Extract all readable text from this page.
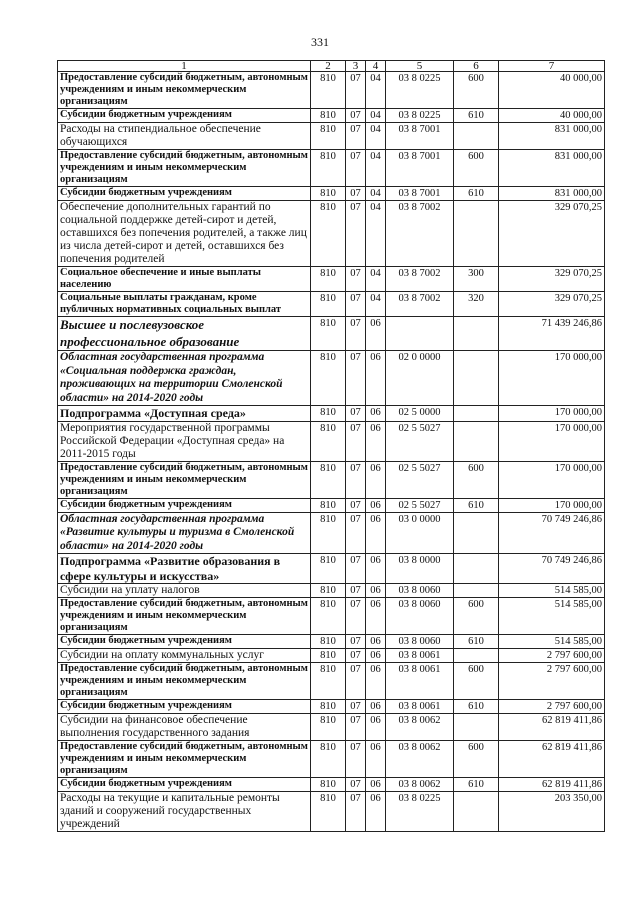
331
1	2	3	4	5	6	7
Предоставление субсидий бюджетным, автономным учреждениям и иным некоммерческим организациям	810	07	04	03 8 0225	600	40 000,00
Субсидии бюджетным учреждениям	810	07	04	03 8 0225	610	40 000,00
Расходы на стипендиальное обеспечение обучающихся	810	07	04	03 8 7001		831 000,00
Предоставление субсидий бюджетным, автономным учреждениям и иным некоммерческим организациям	810	07	04	03 8 7001	600	831 000,00
Субсидии бюджетным учреждениям	810	07	04	03 8 7001	610	831 000,00
Обеспечение дополнительных гарантий по социальной поддержке детей-сирот и детей, оставшихся без попечения родителей, а также лиц из числа детей-сирот и детей, оставшихся без попечения родителей	810	07	04	03 8 7002		329 070,25
Социальное обеспечение и иные выплаты населению	810	07	04	03 8 7002	300	329 070,25
Социальные выплаты гражданам, кроме публичных нормативных социальных выплат	810	07	04	03 8 7002	320	329 070,25
Высшее и послевузовское профессиональное образование	810	07	06			71 439 246,86
Областная государственная программа «Социальная поддержка граждан, проживающих на территории Смоленской области» на 2014-2020 годы	810	07	06	02 0 0000		170 000,00
Подпрограмма «Доступная среда»	810	07	06	02 5 0000		170 000,00
Мероприятия государственной программы Российской Федерации «Доступная среда» на 2011-2015 годы	810	07	06	02 5 5027		170 000,00
Предоставление субсидий бюджетным, автономным учреждениям и иным некоммерческим организациям	810	07	06	02 5 5027	600	170 000,00
Субсидии бюджетным учреждениям	810	07	06	02 5 5027	610	170 000,00
Областная государственная программа «Развитие культуры и туризма в Смоленской области» на 2014-2020 годы	810	07	06	03 0 0000		70 749 246,86
Подпрограмма «Развитие образования в сфере культуры и искусства»	810	07	06	03 8 0000		70 749 246,86
Субсидии на уплату налогов	810	07	06	03 8 0060		514 585,00
Предоставление субсидий бюджетным, автономным учреждениям и иным некоммерческим организациям	810	07	06	03 8 0060	600	514 585,00
Субсидии бюджетным учреждениям	810	07	06	03 8 0060	610	514 585,00
Субсидии на оплату коммунальных услуг	810	07	06	03 8 0061		2 797 600,00
Предоставление субсидий бюджетным, автономным учреждениям и иным некоммерческим организациям	810	07	06	03 8 0061	600	2 797 600,00
Субсидии бюджетным учреждениям	810	07	06	03 8 0061	610	2 797 600,00
Субсидии на финансовое обеспечение выполнения государственного задания	810	07	06	03 8 0062		62 819 411,86
Предоставление субсидий бюджетным, автономным учреждениям и иным некоммерческим организациям	810	07	06	03 8 0062	600	62 819 411,86
Субсидии бюджетным учреждениям	810	07	06	03 8 0062	610	62 819 411,86
Расходы на текущие и капитальные ремонты зданий и сооружений государственных учреждений	810	07	06	03 8 0225		203 350,00
